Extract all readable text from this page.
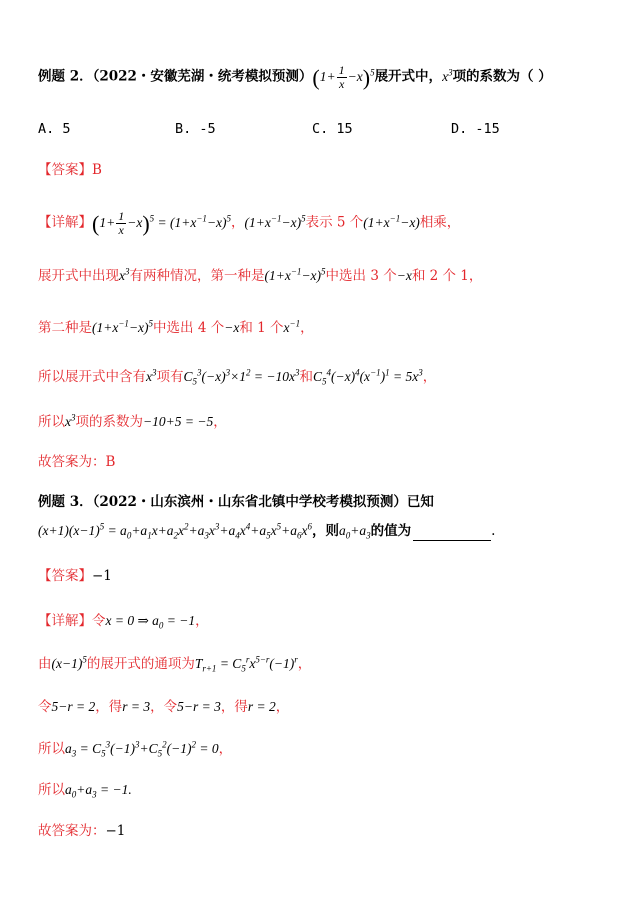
例题 2．（2022・安徽芜湖・统考模拟预测）$(1+ \frac{1}{x} -x)^5$展开式中，$x^3$项的系数为（ ）
A. 5	B. -5	C. 15	D. -15
【答案】B
【详解】$(1+ \frac{1}{x} -x)^5 = (1+x^{-1}-x)^5$，$(1+x^{-1}-x)^5$表示 5 个$(1+x^{-1}-x)$相乘，
展开式中出现$x^3$有两种情况，第一种是$(1+x^{-1}-x)^5$中选出 3 个−x和 2 个 1，
第二种是$(1+x^{-1}-x)^5$中选出 4 个−x和 1 个$x^{-1}$，
所以展开式中含有$x^3$项有$C_5^3(-x)^3\times 1^2 = -10x^3$和$C_5^4(-x)^4(x^{-1})^1 = 5x^3$，
所以$x^3$项的系数为−10+5 = −5，
故答案为：B
例题 3．（2022・山东滨州・山东省北镇中学校考模拟预测）已知
$(x+1)(x-1)^5 = a_0+a_1x+a_2x^2+a_3x^3+a_4x^4+a_5x^5+a_6x^6$，则$a_0+a_3$的值为	.
【答案】−1
【详解】令x = 0 ⇒ $a_0 = -1$，
由$(x-1)^5$的展开式的通项为$T_{r+1} = C_5^rx^{5-r}(-1)^r$，
令5−r = 2，得r = 3，令5−r = 3，得r = 2，
所以$a_3 = C_5^3(-1)^3+C_5^2(-1)^2 = 0$，
所以$a_0+a_3 = -1$.
故答案为：−1
